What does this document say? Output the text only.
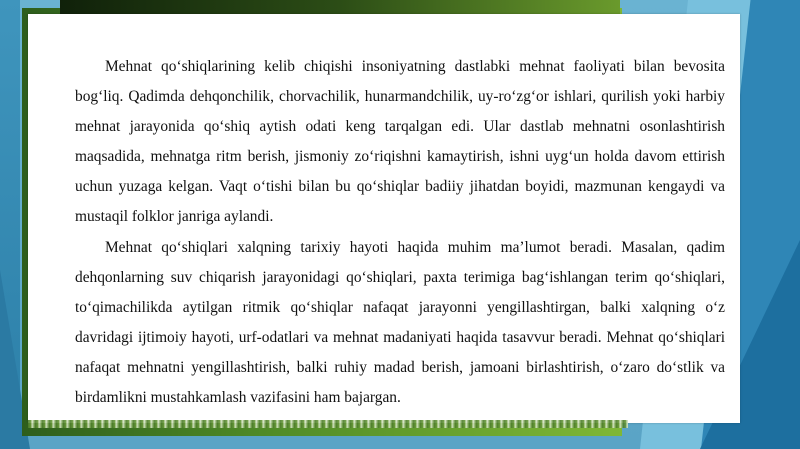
Mehnat qo‘shiqlarining kelib chiqishi insoniyatning dastlabki mehnat faoliyati bilan bevosita bog‘liq. Qadimda dehqonchilik, chorvachilik, hunarmandchilik, uy-ro‘zg‘or ishlari, qurilish yoki harbiy mehnat jarayonida qo‘shiq aytish odati keng tarqalgan edi. Ular dastlab mehnatni osonlashtirish maqsadida, mehnatga ritm berish, jismoniy zo‘riqishni kamaytirish, ishni uyg‘un holda davom ettirish uchun yuzaga kelgan. Vaqt o‘tishi bilan bu qo‘shiqlar badiiy jihatdan boyidi, mazmunan kengaydi va mustaqil folklor janriga aylandi.

Mehnat qo‘shiqlari xalqning tarixiy hayoti haqida muhim ma’lumot beradi. Masalan, qadim dehqonlarning suv chiqarish jarayonidagi qo‘shiqlari, paxta terimiga bag‘ishlangan terim qo‘shiqlari, to‘qimachilikda aytilgan ritmik qo‘shiqlar nafaqat jarayonni yengillashtirgan, balki xalqning o‘z davridagi ijtimoiy hayoti, urf-odatlari va mehnat madaniyati haqida tasavvur beradi. Mehnat qo‘shiqlari nafaqat mehnatni yengillashtirish, balki ruhiy madad berish, jamoani birlashtirish, o‘zaro do‘stlik va birdamlikni mustahkamlash vazifasini ham bajargan.
